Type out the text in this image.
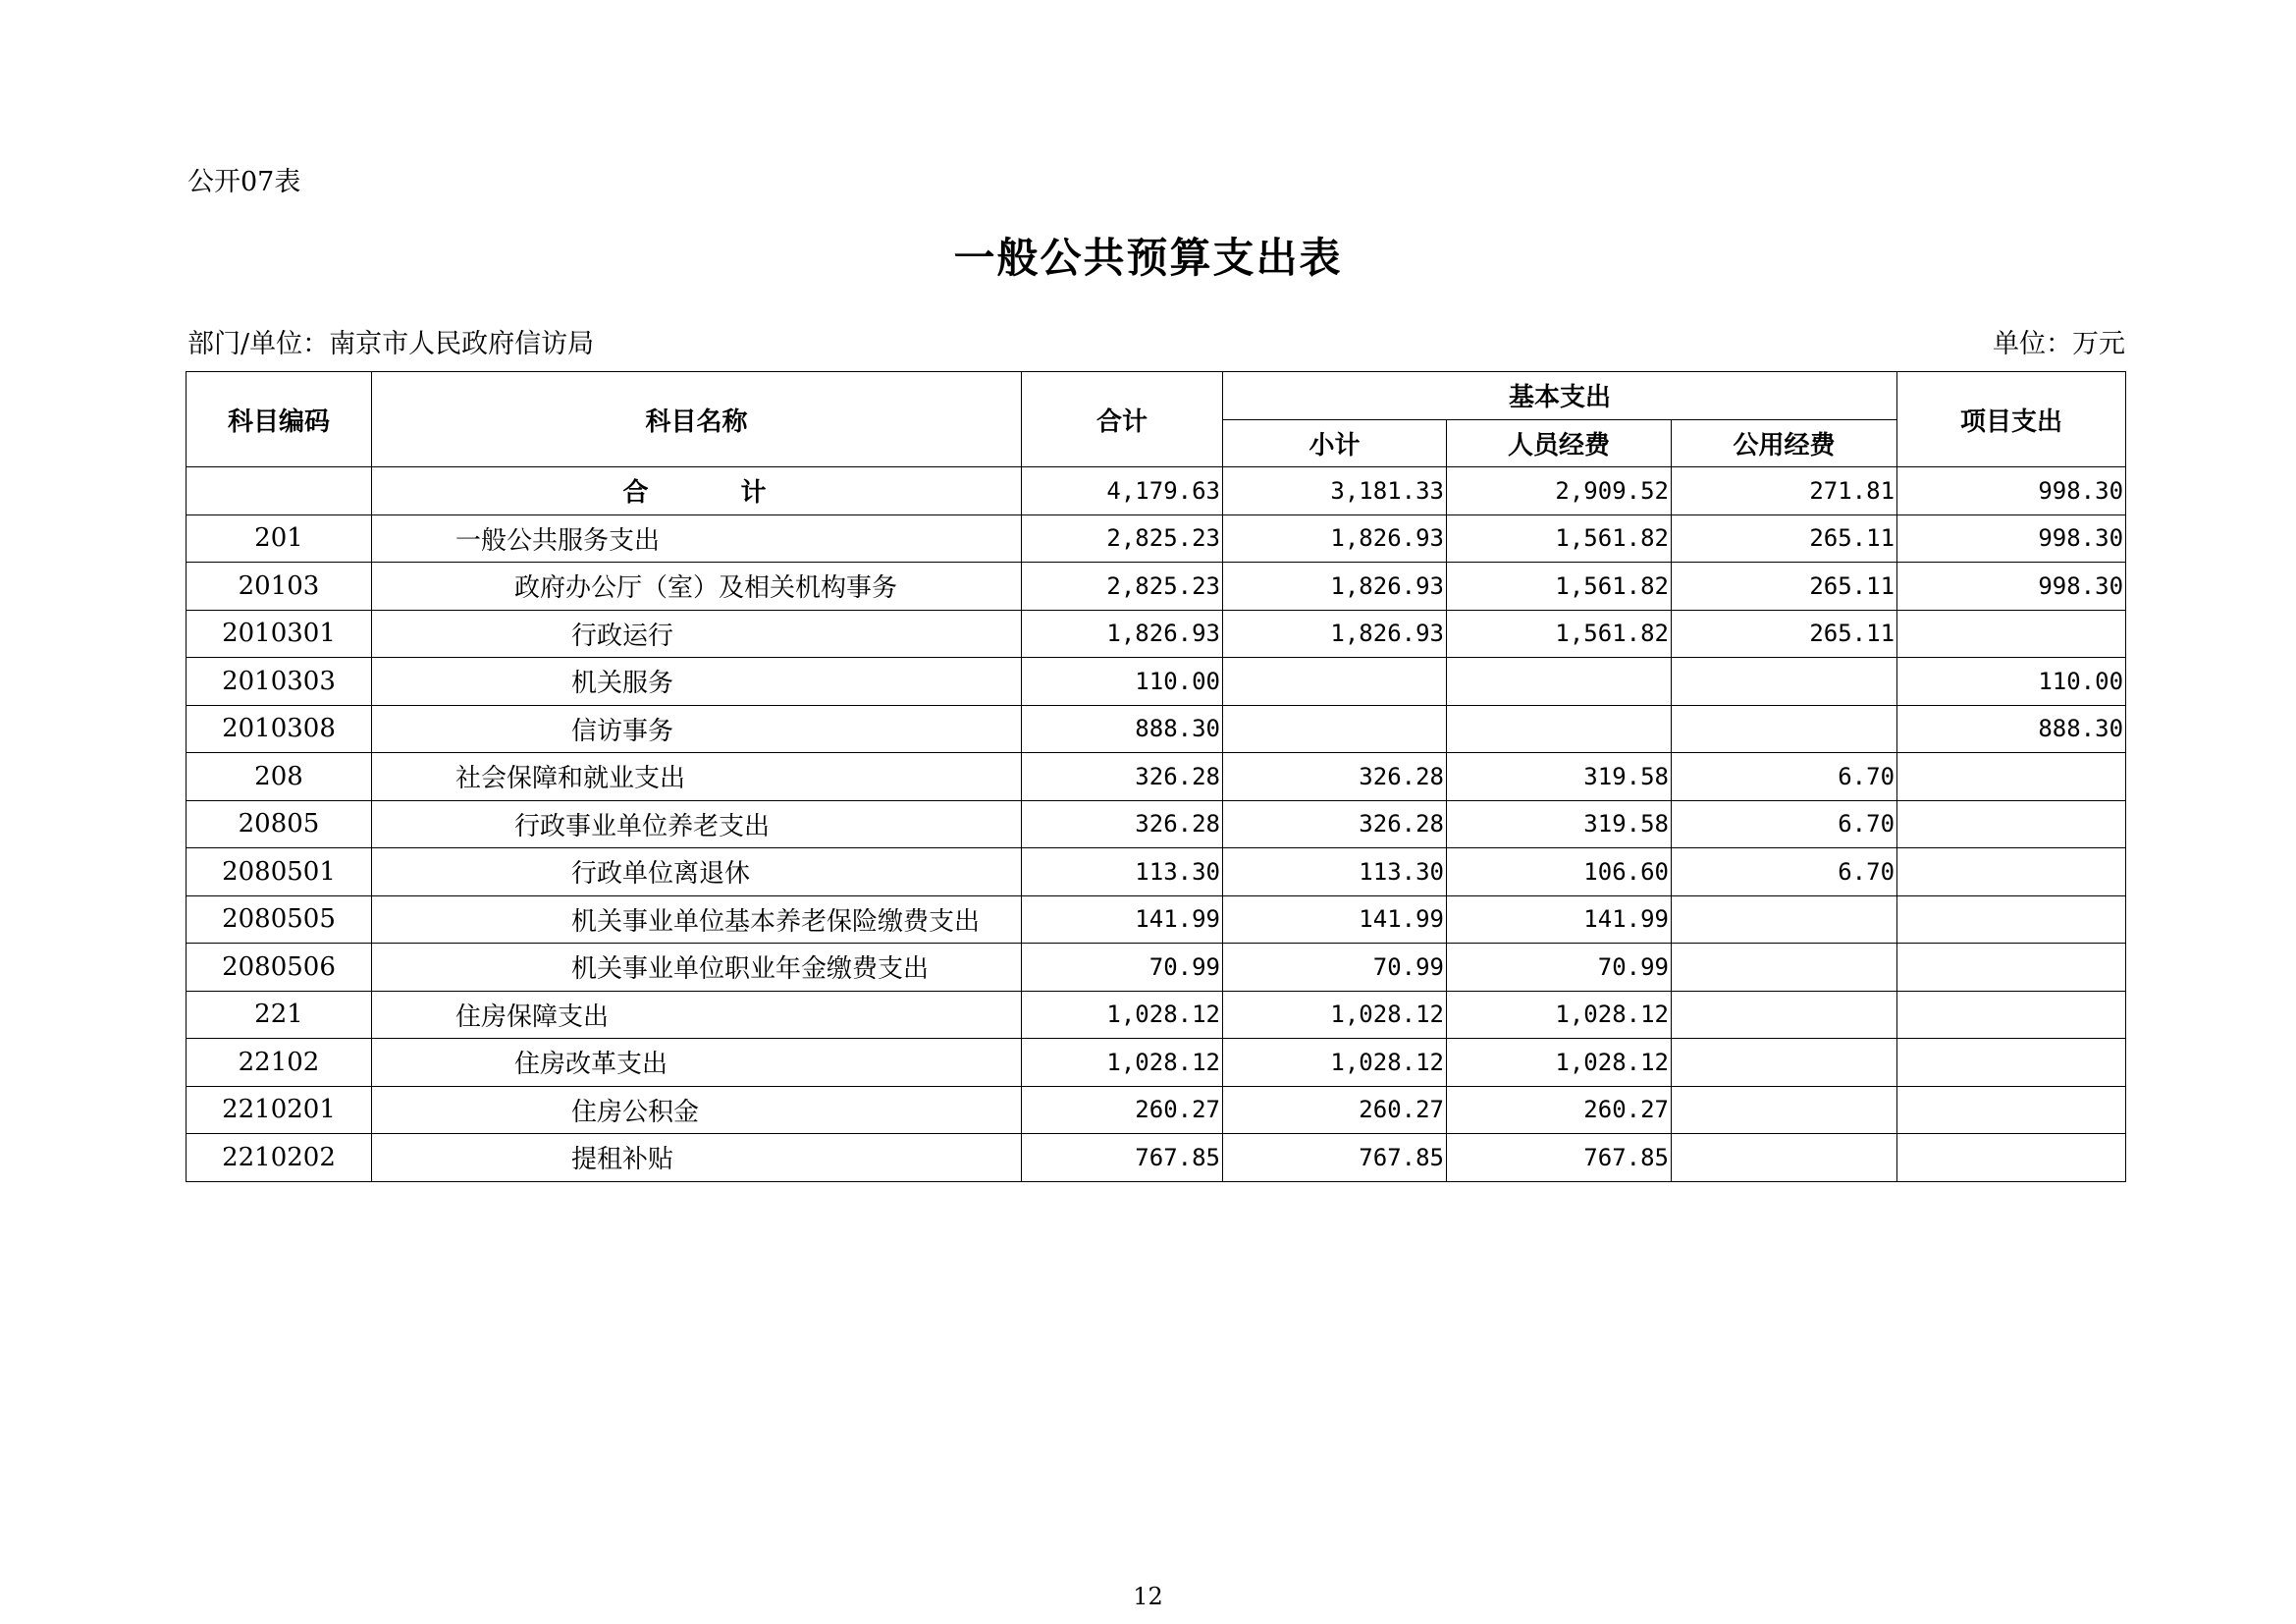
公开07表
一般公共预算支出表
部门/单位：南京市人民政府信访局	单位：万元
科目编码	科目名称	合计	基本支出			项目支出
			小计	人员经费	公用经费	
	合 计	4,179.63	3,181.33	2,909.52	271.81	998.30
201	一般公共服务支出	2,825.23	1,826.93	1,561.82	265.11	998.30
20103	政府办公厅（室）及相关机构事务	2,825.23	1,826.93	1,561.82	265.11	998.30
2010301	行政运行	1,826.93	1,826.93	1,561.82	265.11	
2010303	机关服务	110.00				110.00
2010308	信访事务	888.30				888.30
208	社会保障和就业支出	326.28	326.28	319.58	6.70	
20805	行政事业单位养老支出	326.28	326.28	319.58	6.70	
2080501	行政单位离退休	113.30	113.30	106.60	6.70	
2080505	机关事业单位基本养老保险缴费支出	141.99	141.99	141.99		
2080506	机关事业单位职业年金缴费支出	70.99	70.99	70.99		
221	住房保障支出	1,028.12	1,028.12	1,028.12		
22102	住房改革支出	1,028.12	1,028.12	1,028.12		
2210201	住房公积金	260.27	260.27	260.27		
2210202	提租补贴	767.85	767.85	767.85		
12
